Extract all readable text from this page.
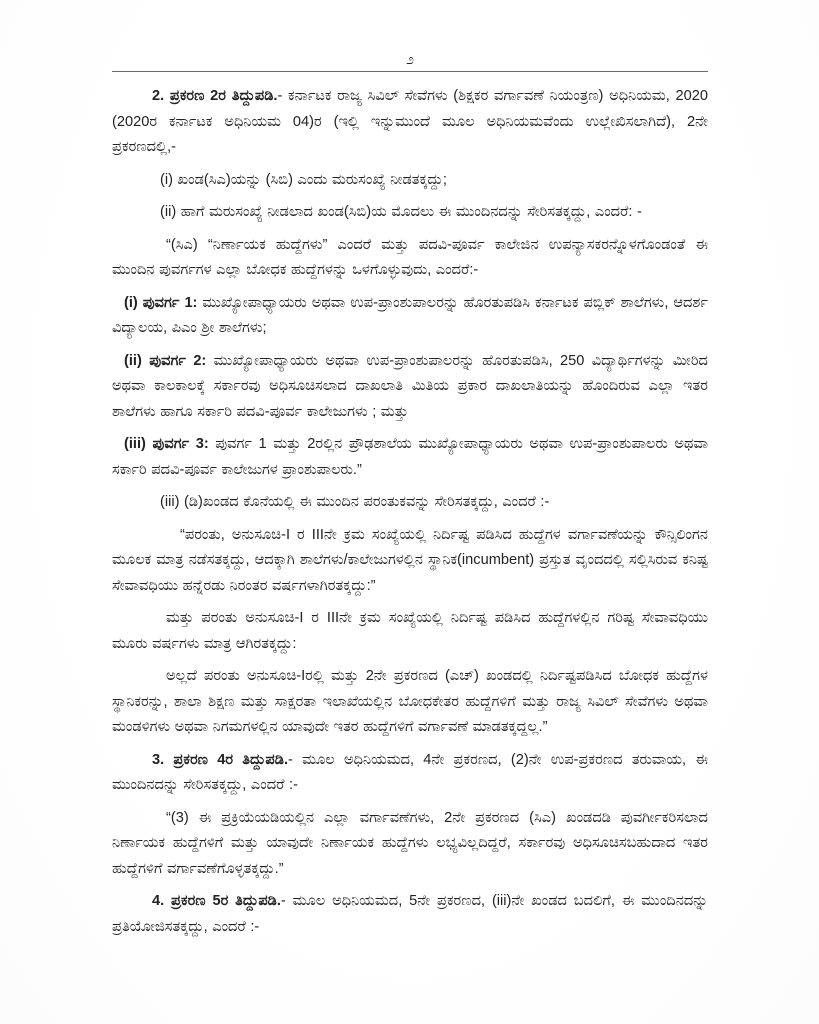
೨

2. ಪ್ರಕರಣ 2ರ ತಿದ್ದುಪಡಿ.- ಕರ್ನಾಟಕ ರಾಜ್ಯ ಸಿವಿಲ್ ಸೇವೆಗಳು (ಶಿಕ್ಷಕರ ವರ್ಗಾವಣೆ ನಿಯಂತ್ರಣ) ಅಧಿನಿಯಮ, 2020 (2020ರ ಕರ್ನಾಟಕ ಅಧಿನಿಯಮ 04)ರ (ಇಲ್ಲಿ ಇನ್ನುಮುಂದೆ ಮೂಲ ಅಧಿನಿಯಮವೆಂದು ಉಲ್ಲೇಖಿಸಲಾಗಿದೆ), 2ನೇ ಪ್ರಕರಣದಲ್ಲಿ,-

(i) ಖಂಡ(ಸಿಎ)ಯನ್ನು (ಸಿಬಿ) ಎಂದು ಮರುಸಂಖ್ಯೆ ನೀಡತಕ್ಕದ್ದು;

(ii) ಹಾಗೆ ಮರುಸಂಖ್ಯೆ ನೀಡಲಾದ ಖಂಡ(ಸಿಬಿ)ಯ ಮೊದಲು ಈ ಮುಂದಿನದನ್ನು ಸೇರಿಸತಕ್ಕದ್ದು, ಎಂದರೆ: -

“(ಸಿಎ) “ನಿರ್ಣಾಯಕ ಹುದ್ದೆಗಳು” ಎಂದರೆ ಮತ್ತು ಪದವಿ-ಪೂರ್ವ ಕಾಲೇಜಿನ ಉಪನ್ಯಾಸಕರನ್ನೊಳಗೊಂಡಂತೆ ಈ ಮುಂದಿನ ಪುವರ್ಗಗಳ ಎಲ್ಲಾ ಬೋಧಕ ಹುದ್ದೆಗಳನ್ನು ಒಳಗೊಳ್ಳುವುದು, ಎಂದರೆ:-

(i) ಪುವರ್ಗ 1: ಮುಖ್ಯೋಪಾಧ್ಯಾಯರು ಅಥವಾ ಉಪ-ಪ್ರಾಂಶುಪಾಲರನ್ನು ಹೊರತುಪಡಿಸಿ ಕರ್ನಾಟಕ ಪಬ್ಲಿಕ್ ಶಾಲೆಗಳು, ಆದರ್ಶ ವಿದ್ಯಾಲಯ, ಪಿಎಂ ಶ್ರೀ ಶಾಲೆಗಳು;

(ii) ಪುವರ್ಗ 2: ಮುಖ್ಯೋಪಾಧ್ಯಾಯರು ಅಥವಾ ಉಪ-ಪ್ರಾಂಶುಪಾಲರನ್ನು ಹೊರತುಪಡಿಸಿ, 250 ವಿದ್ಯಾರ್ಥಿಗಳನ್ನು ಮೀರಿದ ಅಥವಾ ಕಾಲಕಾಲಕ್ಕೆ ಸರ್ಕಾರವು ಅಧಿಸೂಚಿಸಲಾದ ದಾಖಲಾತಿ ಮಿತಿಯ ಪ್ರಕಾರ ದಾಖಲಾತಿಯನ್ನು ಹೊಂದಿರುವ ಎಲ್ಲಾ ಇತರ ಶಾಲೆಗಳು ಹಾಗೂ ಸರ್ಕಾರಿ ಪದವಿ-ಪೂರ್ವ ಕಾಲೇಜುಗಳು ; ಮತ್ತು

(iii) ಪುವರ್ಗ 3: ಪುವರ್ಗ 1 ಮತ್ತು 2ರಲ್ಲಿನ ಪ್ರೌಢಶಾಲೆಯ ಮುಖ್ಯೋಪಾಧ್ಯಾಯರು ಅಥವಾ ಉಪ-ಪ್ರಾಂಶುಪಾಲರು ಅಥವಾ ಸರ್ಕಾರಿ ಪದವಿ-ಪೂರ್ವ ಕಾಲೇಜುಗಳ ಪ್ರಾಂಶುಪಾಲರು.”

(iii) (ಡಿ)ಖಂಡದ ಕೊನೆಯಲ್ಲಿ ಈ ಮುಂದಿನ ಪರಂತುಕವನ್ನು ಸೇರಿಸತಕ್ಕದ್ದು, ಎಂದರೆ :-

“ಪರಂತು, ಅನುಸೂಚಿ-I ರ IIIನೇ ಕ್ರಮ ಸಂಖ್ಯೆಯಲ್ಲಿ ನಿರ್ದಿಷ್ಟ ಪಡಿಸಿದ ಹುದ್ದೆಗಳ ವರ್ಗಾವಣೆಯನ್ನು ಕೌನ್ಸಿಲಿಂಗನ ಮೂಲಕ ಮಾತ್ರ ನಡೆಸತಕ್ಕದ್ದು, ಆದಕ್ಕಾಗಿ ಶಾಲೆಗಳು/ಕಾಲೇಜುಗಳಲ್ಲಿನ ಸ್ಥಾನಿಕ(incumbent) ಪ್ರಸ್ತುತ ವೃಂದದಲ್ಲಿ ಸಲ್ಲಿಸಿರುವ ಕನಿಷ್ಟ ಸೇವಾವಧಿಯು ಹನ್ನೆರಡು ನಿರಂತರ ವರ್ಷಗಳಾಗಿರತಕ್ಕದ್ದು:”

ಮತ್ತು ಪರಂತು ಅನುಸೂಚಿ-I ರ IIIನೇ ಕ್ರಮ ಸಂಖ್ಯೆಯಲ್ಲಿ ನಿರ್ದಿಷ್ಟ ಪಡಿಸಿದ ಹುದ್ದೆಗಳಲ್ಲಿನ ಗರಿಷ್ಟ ಸೇವಾವಧಿಯು ಮೂರು ವರ್ಷಗಳು ಮಾತ್ರ ಆಗಿರತಕ್ಕದ್ದು:

ಅಲ್ಲದೆ ಪರಂತು ಅನುಸೂಚಿ-Iರಲ್ಲಿ ಮತ್ತು 2ನೇ ಪ್ರಕರಣದ (ಎಚ್) ಖಂಡದಲ್ಲಿ ನಿರ್ದಿಷ್ಟಪಡಿಸಿದ ಬೋಧಕ ಹುದ್ದೆಗಳ ಸ್ಥಾನಿಕರನ್ನು, ಶಾಲಾ ಶಿಕ್ಷಣ ಮತ್ತು ಸಾಕ್ಷರತಾ ಇಲಾಖೆಯಲ್ಲಿನ ಬೋಧಕೇತರ ಹುದ್ದೆಗಳಿಗೆ ಮತ್ತು ರಾಜ್ಯ ಸಿವಿಲ್ ಸೇವೆಗಳು ಅಥವಾ ಮಂಡಳಿಗಳು ಅಥವಾ ನಿಗಮಗಳಲ್ಲಿನ ಯಾವುದೇ ಇತರ ಹುದ್ದೆಗಳಿಗೆ ವರ್ಗಾವಣೆ ಮಾಡತಕ್ಕದ್ದಲ್ಲ.”

3. ಪ್ರಕರಣ 4ರ ತಿದ್ದುಪಡಿ.- ಮೂಲ ಅಧಿನಿಯಮದ, 4ನೇ ಪ್ರಕರಣದ, (2)ನೇ ಉಪ-ಪ್ರಕರಣದ ತರುವಾಯ, ಈ ಮುಂದಿನದನ್ನು ಸೇರಿಸತಕ್ಕದ್ದು, ಎಂದರೆ :-

“(3) ಈ ಪ್ರಕ್ರಿಯೆಯಡಿಯಲ್ಲಿನ ಎಲ್ಲಾ ವರ್ಗಾವಣೆಗಳು, 2ನೇ ಪ್ರಕರಣದ (ಸಿಎ) ಖಂಡದಡಿ ಪುವರ್ಗೀಕರಿಸಲಾದ ನಿರ್ಣಾಯಕ ಹುದ್ದೆಗಳಿಗೆ ಮತ್ತು ಯಾವುದೇ ನಿರ್ಣಾಯಕ ಹುದ್ದೆಗಳು ಲಭ್ಯವಿಲ್ಲದಿದ್ದರೆ, ಸರ್ಕಾರವು ಅಧಿಸೂಚಿಸಬಹುದಾದ ಇತರ ಹುದ್ದೆಗಳಿಗೆ ವರ್ಗಾವಣೆಗೊಳ್ಳತಕ್ಕದ್ದು.”

4. ಪ್ರಕರಣ 5ರ ತಿದ್ದುಪಡಿ.- ಮೂಲ ಅಧಿನಿಯಮದ, 5ನೇ ಪ್ರಕರಣದ, (iii)ನೇ ಖಂಡದ ಬದಲಿಗೆ, ಈ ಮುಂದಿನದನ್ನು ಪ್ರತಿಯೋಜಿಸತಕ್ಕದ್ದು, ಎಂದರೆ :-
